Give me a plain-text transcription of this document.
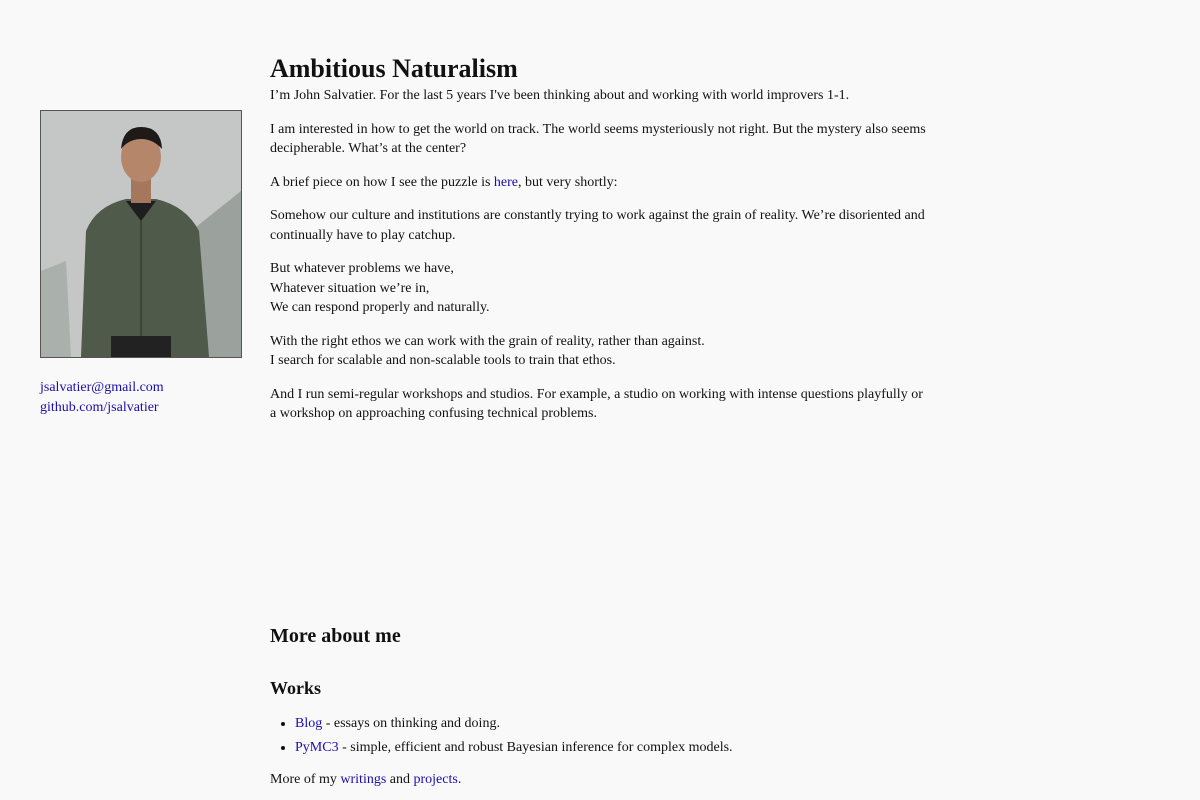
jsalvatier@gmail.com
github.com/jsalvatier
Ambitious Naturalism

I’m John Salvatier. For the last 5 years I've been thinking about and working with world improvers 1-1.

I am interested in how to get the world on track. The world seems mysteriously not right. But the mystery also seems decipherable. What’s at the center?

A brief piece on how I see the puzzle is here, but very shortly:

Somehow our culture and institutions are constantly trying to work against the grain of reality. We’re disoriented and continually have to play catchup.

But whatever problems we have,
Whatever situation we’re in,
We can respond properly and naturally.

With the right ethos we can work with the grain of reality, rather than against.
I search for scalable and non-scalable tools to train that ethos.

And I run semi-regular workshops and studios. For example, a studio on working with intense questions playfully or a workshop on approaching confusing technical problems.

More about me
Works
• Blog - essays on thinking and doing.
• PyMC3 - simple, efficient and robust Bayesian inference for complex models.

More of my writings and projects.
